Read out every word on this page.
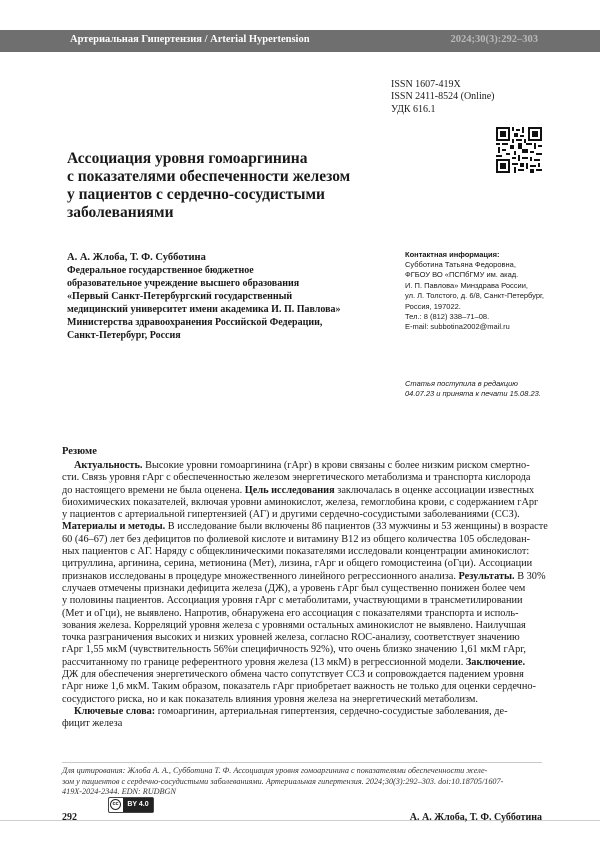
Артериальная Гипертензия / Arterial Hypertension	2024;30(3):292–303
ISSN 1607-419X
ISSN 2411-8524 (Online)
УДК 616.1
Ассоциация уровня гомоаргинина
с показателями обеспеченности железом
у пациентов с сердечно-сосудистыми
заболеваниями
А. А. Жлоба, Т. Ф. Субботина
Федеральное государственное бюджетное
образовательное учреждение высшего образования
«Первый Санкт-Петербургский государственный
медицинский университет имени академика И. П. Павлова»
Министерства здравоохранения Российской Федерации,
Санкт-Петербург, Россия
Контактная информация:
Субботина Татьяна Федоровна,
ФГБОУ ВО «ПСПбГМУ им. акад.
И. П. Павлова» Минздрава России,
ул. Л. Толстого, д. 6/8, Санкт-Петербург,
Россия, 197022.
Тел.: 8 (812) 338–71–08.
E-mail: subbotina2002@mail.ru
Статья поступила в редакцию
04.07.23 и принята к печати 15.08.23.
Резюме
Актуальность. Высокие уровни гомоаргинина (гАрг) в крови связаны с более низким риском смертно-
сти. Связь уровня гАрг с обеспеченностью железом энергетического метаболизма и транспорта кислорода
до настоящего времени не была оценена. Цель исследования заключалась в оценке ассоциации известных
биохимических показателей, включая уровни аминокислот, железа, гемоглобина крови, с содержанием гАрг
у пациентов с артериальной гипертензией (АГ) и другими сердечно-сосудистыми заболеваниями (ССЗ).
Материалы и методы. В исследование были включены 86 пациентов (33 мужчины и 53 женщины) в возрасте
60 (46–67) лет без дефицитов по фолиевой кислоте и витамину B12 из общего количества 105 обследован-
ных пациентов с АГ. Наряду с общеклиническими показателями исследовали концентрации аминокислот:
цитруллина, аргинина, серина, метионина (Мет), лизина, гАрг и общего гомоцистеина (оГци). Ассоциации
признаков исследованы в процедуре множественного линейного регрессионного анализа. Результаты. В 30%
случаев отмечены признаки дефицита железа (ДЖ), а уровень гАрг был существенно понижен более чем
у половины пациентов. Ассоциация уровня гАрг с метаболитами, участвующими в трансметилировании
(Мет и оГци), не выявлено. Напротив, обнаружена его ассоциация с показателями транспорта и исполь-
зования железа. Корреляций уровня железа с уровнями остальных аминокислот не выявлено. Наилучшая
точка разграничения высоких и низких уровней железа, согласно ROC-анализу, соответствует значению
гАрг 1,55 мкМ (чувствительность 56%и специфичность 92%), что очень близко значению 1,61 мкМ гАрг,
рассчитанному по границе референтного уровня железа (13 мкМ) в регрессионной модели. Заключение.
ДЖ для обеспечения энергетического обмена часто сопутствует ССЗ и сопровождается падением уровня
гАрг ниже 1,6 мкМ. Таким образом, показатель гАрг приобретает важность не только для оценки сердечно-
сосудистого риска, но и как показатель влияния уровня железа на энергетический метаболизм.
Ключевые слова: гомоаргинин, артериальная гипертензия, сердечно-сосудистые заболевания, де-
фицит железа
Для цитирования: Жлоба А. А., Субботина Т. Ф. Ассоциация уровня гомоаргинина с показателями обеспеченности желе-
зом у пациентов с сердечно-сосудистыми заболеваниями. Артериальная гипертензия. 2024;30(3):292–303. doi:10.18705/1607-
419X-2024-2344. EDN: RUDBGN
cc	BY 4.0
292	А. А. Жлоба, Т. Ф. Субботина
